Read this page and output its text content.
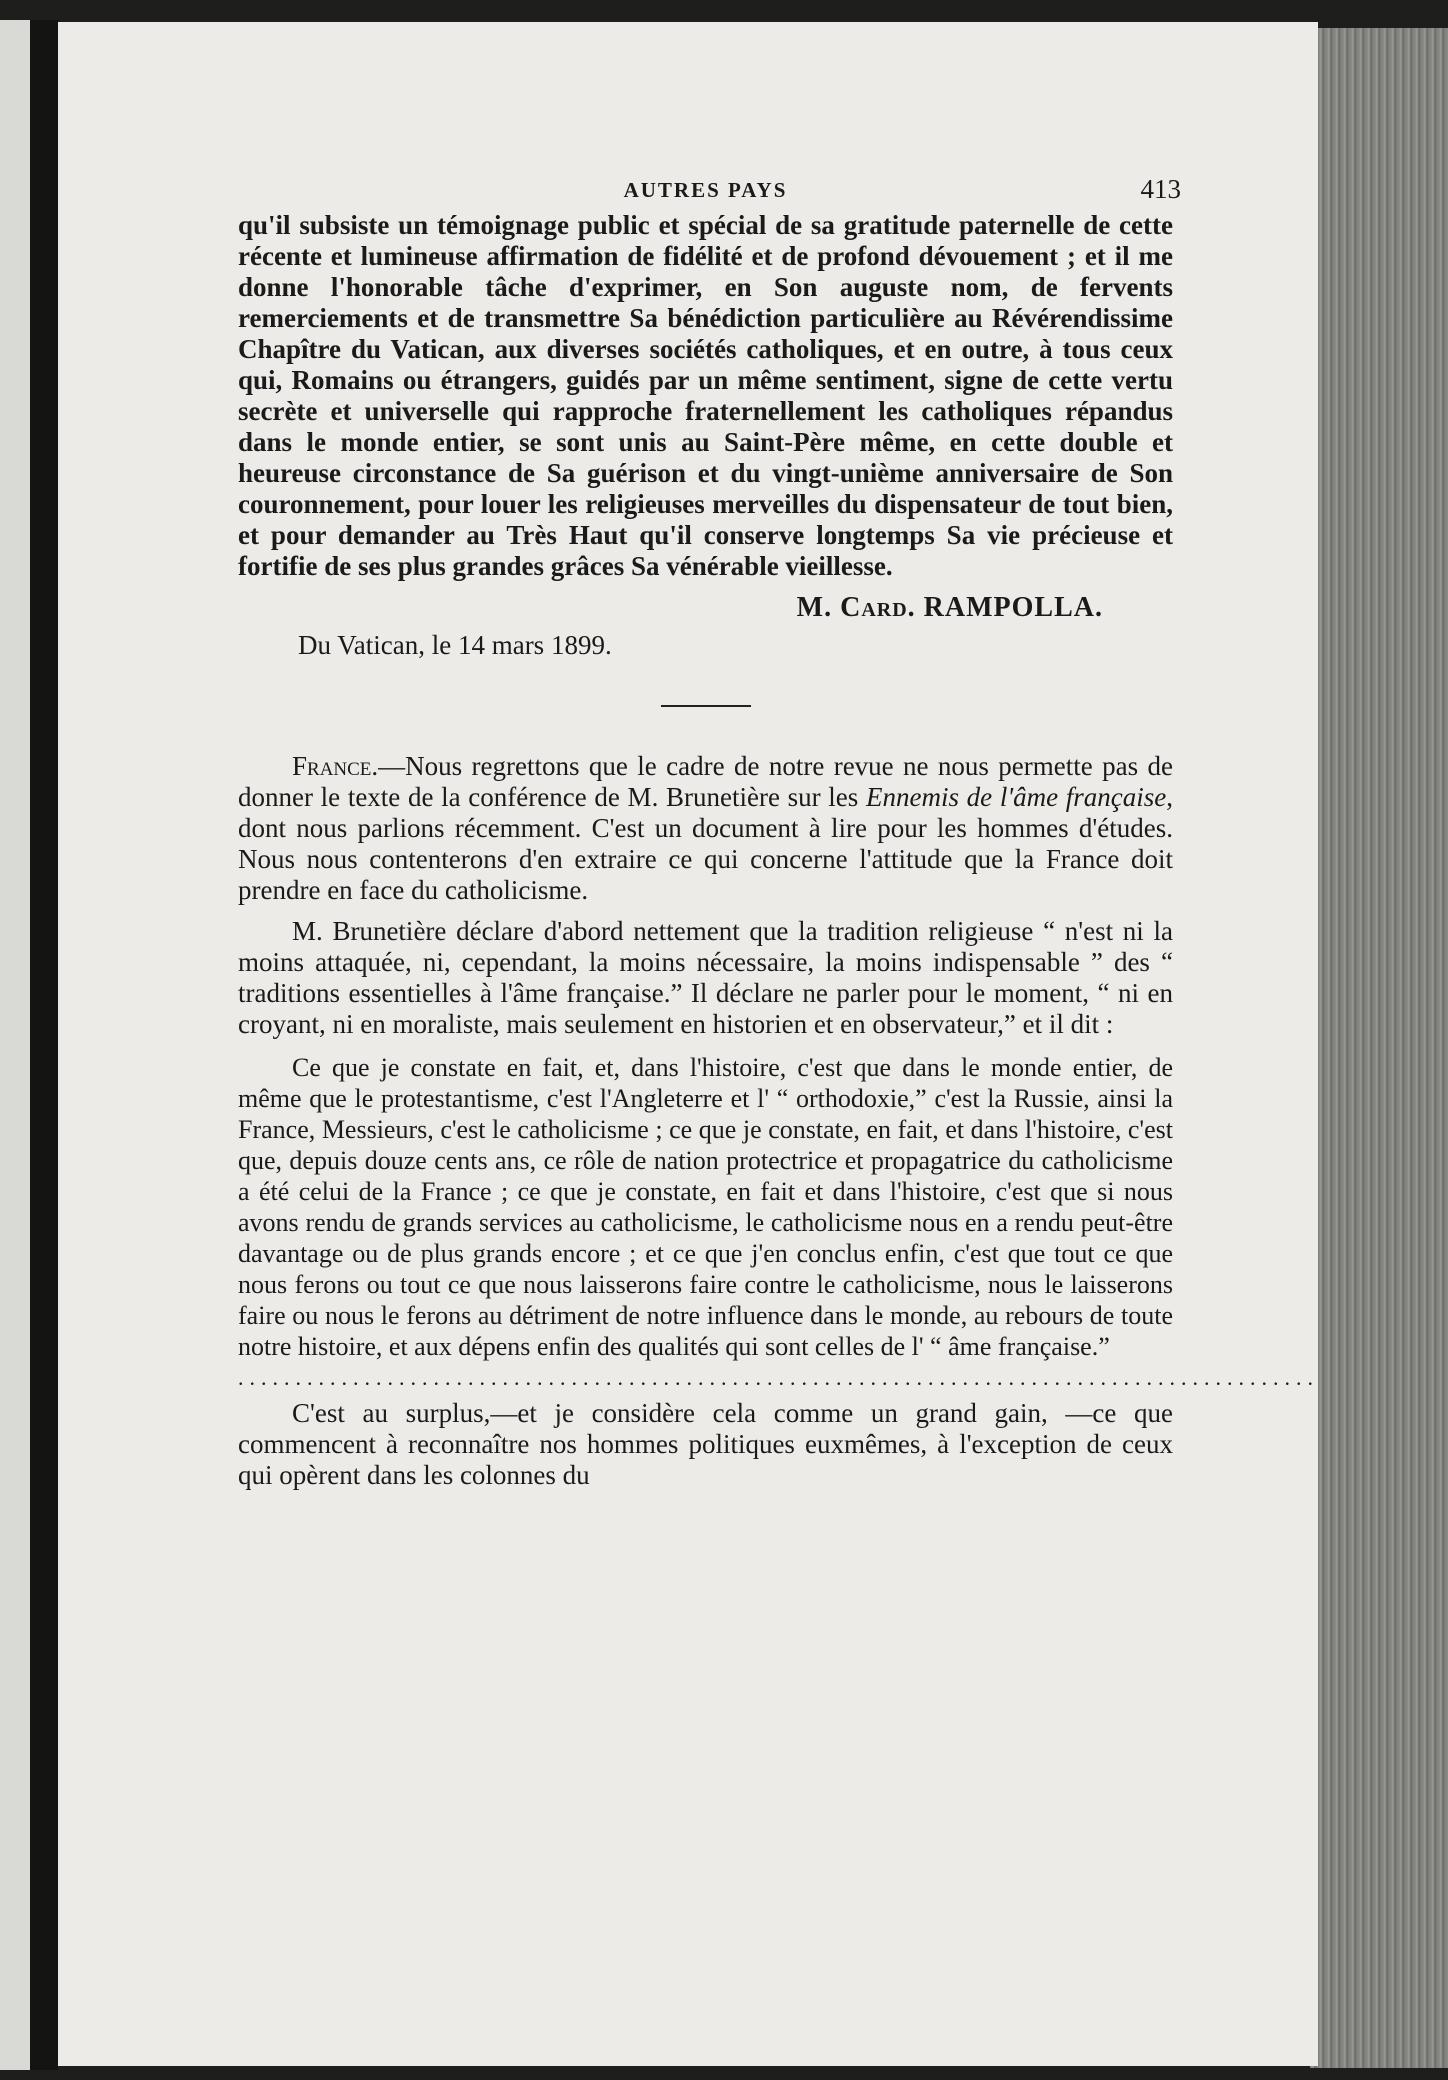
AUTRES PAYS	413

qu'il subsiste un témoignage public et spécial de sa gratitude paternelle de cette récente et lumineuse affirmation de fidélité et de profond dévouement ; et il me donne l'honorable tâche d'exprimer, en Son auguste nom, de fervents remerciements et de transmettre Sa bénédiction particulière au Révérendissime Chapître du Vatican, aux diverses sociétés catholiques, et en outre, à tous ceux qui, Romains ou étrangers, guidés par un même sentiment, signe de cette vertu secrète et universelle qui rapproche fraternellement les catholiques répandus dans le monde entier, se sont unis au Saint-Père même, en cette double et heureuse circonstance de Sa guérison et du vingt-unième anniversaire de Son couronnement, pour louer les religieuses merveilles du dispensateur de tout bien, et pour demander au Très Haut qu'il conserve longtemps Sa vie précieuse et fortifie de ses plus grandes grâces Sa vénérable vieillesse.

M. Card. RAMPOLLA.
Du Vatican, le 14 mars 1899.

France.—Nous regrettons que le cadre de notre revue ne nous permette pas de donner le texte de la conférence de M. Brunetière sur les Ennemis de l'âme française, dont nous parlions récemment. C'est un document à lire pour les hommes d'études. Nous nous contenterons d'en extraire ce qui concerne l'attitude que la France doit prendre en face du catholicisme.

M. Brunetière déclare d'abord nettement que la tradition religieuse “ n'est ni la moins attaquée, ni, cependant, la moins nécessaire, la moins indispensable ” des “ traditions essentielles à l'âme française.” Il déclare ne parler pour le moment, “ ni en croyant, ni en moraliste, mais seulement en historien et en observateur,” et il dit :

Ce que je constate en fait, et, dans l'histoire, c'est que dans le monde entier, de même que le protestantisme, c'est l'Angleterre et l' “ orthodoxie,” c'est la Russie, ainsi la France, Messieurs, c'est le catholicisme ; ce que je constate, en fait, et dans l'histoire, c'est que, depuis douze cents ans, ce rôle de nation protectrice et propagatrice du catholicisme a été celui de la France ; ce que je constate, en fait et dans l'histoire, c'est que si nous avons rendu de grands services au catholicisme, le catholicisme nous en a rendu peut-être davantage ou de plus grands encore ; et ce que j'en conclus enfin, c'est que tout ce que nous ferons ou tout ce que nous laisserons faire contre le catholicisme, nous le laisserons faire ou nous le ferons au détriment de notre influence dans le monde, au rebours de toute notre histoire, et aux dépens enfin des qualités qui sont celles de l' “ âme française.”

..............................................................................................

C'est au surplus,—et je considère cela comme un grand gain, —ce que commencent à reconnaître nos hommes politiques euxmêmes, à l'exception de ceux qui opèrent dans les colonnes du
